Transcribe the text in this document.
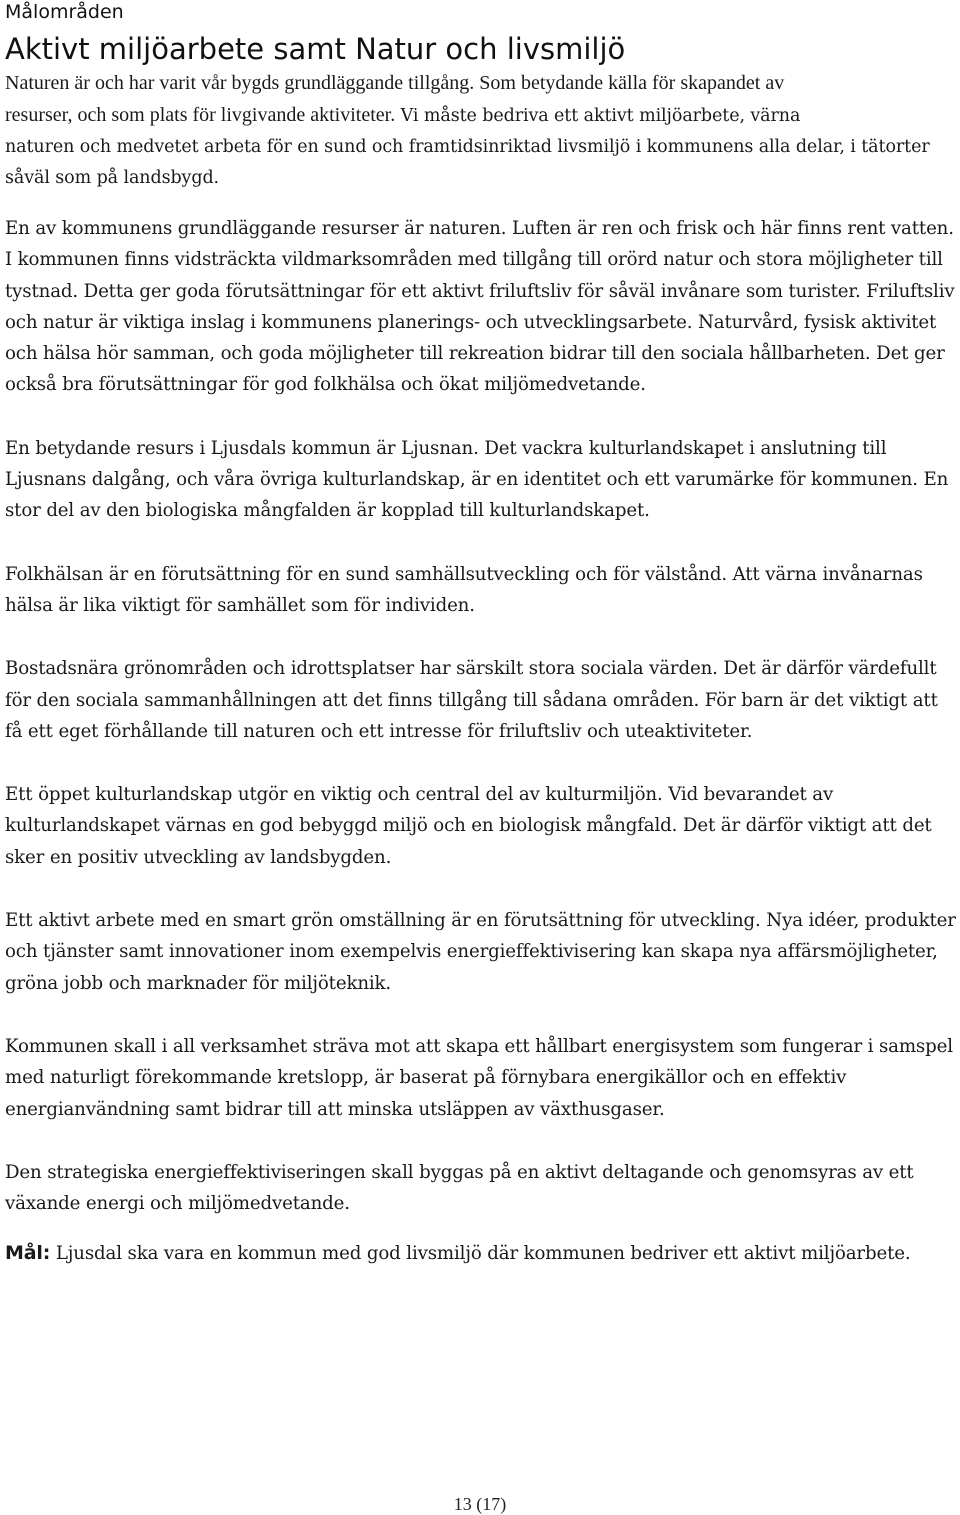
Målområden

Aktivt miljöarbete samt Natur och livsmiljö

Naturen är och har varit vår bygds grundläggande tillgång. Som betydande källa för skapandet av

resurser, och som plats för livgivande aktiviteter. Vi måste bedriva ett aktivt miljöarbete, värna

naturen och medvetet arbeta för en sund och framtidsinriktad livsmiljö i kommunens alla delar, i tätorter såväl som på landsbygd.

En av kommunens grundläggande resurser är naturen. Luften är ren och frisk och här finns rent vatten. I kommunen finns vidsträckta vildmarksområden med tillgång till orörd natur och stora möjligheter till tystnad. Detta ger goda förutsättningar för ett aktivt friluftsliv för såväl invånare som turister. Friluftsliv och natur är viktiga inslag i kommunens planerings- och utvecklingsarbete. Naturvård, fysisk aktivitet och hälsa hör samman, och goda möjligheter till rekreation bidrar till den sociala hållbarheten. Det ger också bra förutsättningar för god folkhälsa och ökat miljömedvetande.

En betydande resurs i Ljusdals kommun är Ljusnan. Det vackra kulturlandskapet i anslutning till Ljusnans dalgång, och våra övriga kulturlandskap, är en identitet och ett varumärke för kommunen. En stor del av den biologiska mångfalden är kopplad till kulturlandskapet.

Folkhälsan är en förutsättning för en sund samhällsutveckling och för välstånd. Att värna invånarnas hälsa är lika viktigt för samhället som för individen.

Bostadsnära grönområden och idrottsplatser har särskilt stora sociala värden. Det är därför värdefullt för den sociala sammanhållningen att det finns tillgång till sådana områden. För barn är det viktigt att få ett eget förhållande till naturen och ett intresse för friluftsliv och uteaktiviteter.

Ett öppet kulturlandskap utgör en viktig och central del av kulturmiljön. Vid bevarandet av kulturlandskapet värnas en god bebyggd miljö och en biologisk mångfald. Det är därför viktigt att det sker en positiv utveckling av landsbygden.

Ett aktivt arbete med en smart grön omställning är en förutsättning för utveckling. Nya idéer, produkter och tjänster samt innovationer inom exempelvis energieffektivisering kan skapa nya affärsmöjligheter, gröna jobb och marknader för miljöteknik.

Kommunen skall i all verksamhet sträva mot att skapa ett hållbart energisystem som fungerar i samspel med naturligt förekommande kretslopp, är baserat på förnybara energikällor och en effektiv energianvändning samt bidrar till att minska utsläppen av växthusgaser.

Den strategiska energieffektiviseringen skall byggas på en aktivt deltagande och genomsyras av ett växande energi och miljömedvetande.

Mål: Ljusdal ska vara en kommun med god livsmiljö där kommunen bedriver ett aktivt miljöarbete.

13 (17)
